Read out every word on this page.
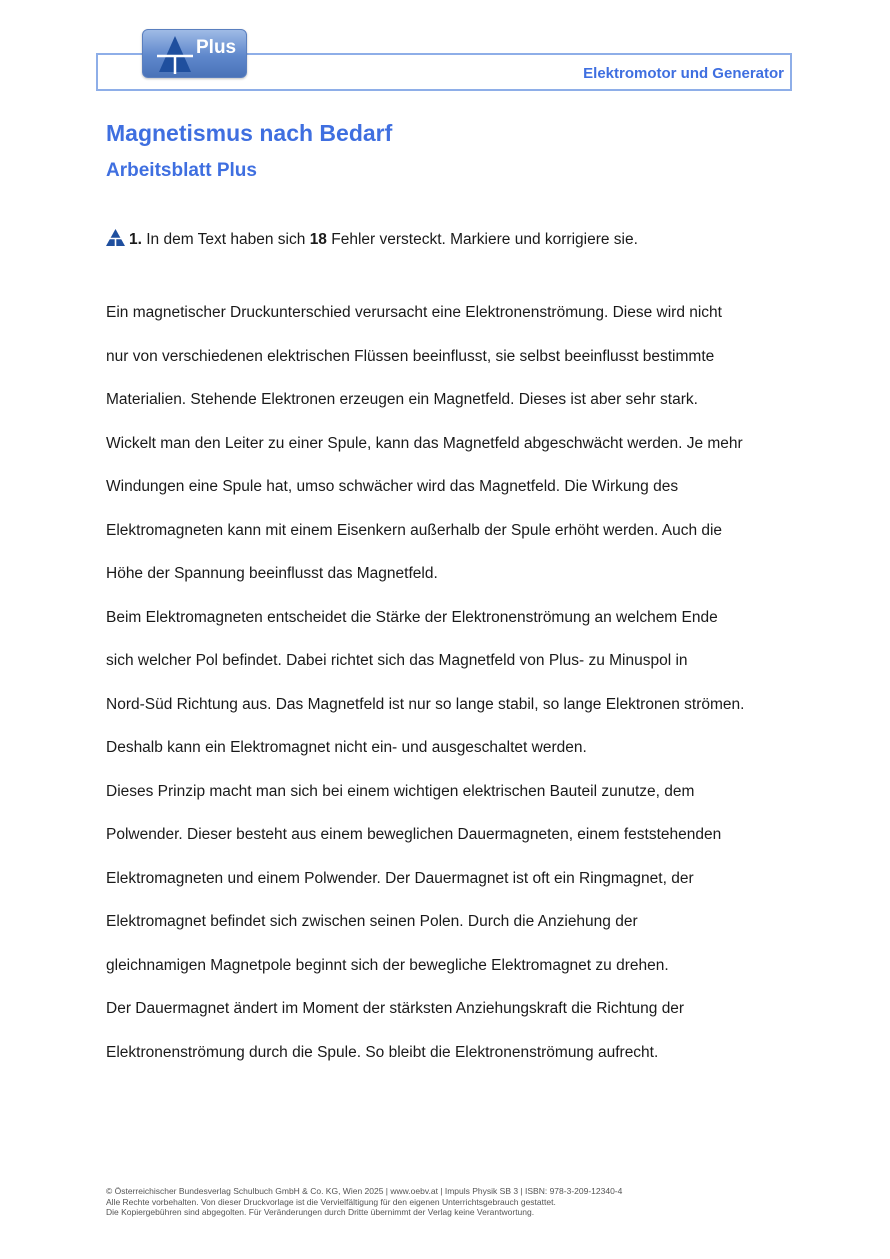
Plus
Elektromotor und Generator
Magnetismus nach Bedarf
Arbeitsblatt Plus
1. In dem Text haben sich 18 Fehler versteckt. Markiere und korrigiere sie.
Ein magnetischer Druckunterschied verursacht eine Elektronenströmung. Diese wird nicht
nur von verschiedenen elektrischen Flüssen beeinflusst, sie selbst beeinflusst bestimmte
Materialien. Stehende Elektronen erzeugen ein Magnetfeld. Dieses ist aber sehr stark.
Wickelt man den Leiter zu einer Spule, kann das Magnetfeld abgeschwächt werden. Je mehr
Windungen eine Spule hat, umso schwächer wird das Magnetfeld. Die Wirkung des
Elektromagneten kann mit einem Eisenkern außerhalb der Spule erhöht werden. Auch die
Höhe der Spannung beeinflusst das Magnetfeld.
Beim Elektromagneten entscheidet die Stärke der Elektronenströmung an welchem Ende
sich welcher Pol befindet. Dabei richtet sich das Magnetfeld von Plus- zu Minuspol in
Nord-Süd Richtung aus. Das Magnetfeld ist nur so lange stabil, so lange Elektronen strömen.
Deshalb kann ein Elektromagnet nicht ein- und ausgeschaltet werden.
Dieses Prinzip macht man sich bei einem wichtigen elektrischen Bauteil zunutze, dem
Polwender. Dieser besteht aus einem beweglichen Dauermagneten, einem feststehenden
Elektromagneten und einem Polwender. Der Dauermagnet ist oft ein Ringmagnet, der
Elektromagnet befindet sich zwischen seinen Polen. Durch die Anziehung der
gleichnamigen Magnetpole beginnt sich der bewegliche Elektromagnet zu drehen.
Der Dauermagnet ändert im Moment der stärksten Anziehungskraft die Richtung der
Elektronenströmung durch die Spule. So bleibt die Elektronenströmung aufrecht.
© Österreichischer Bundesverlag Schulbuch GmbH & Co. KG, Wien 2025 | www.oebv.at | Impuls Physik SB 3 | ISBN: 978-3-209-12340-4
Alle Rechte vorbehalten. Von dieser Druckvorlage ist die Vervielfältigung für den eigenen Unterrichtsgebrauch gestattet.
Die Kopiergebühren sind abgegolten. Für Veränderungen durch Dritte übernimmt der Verlag keine Verantwortung.
